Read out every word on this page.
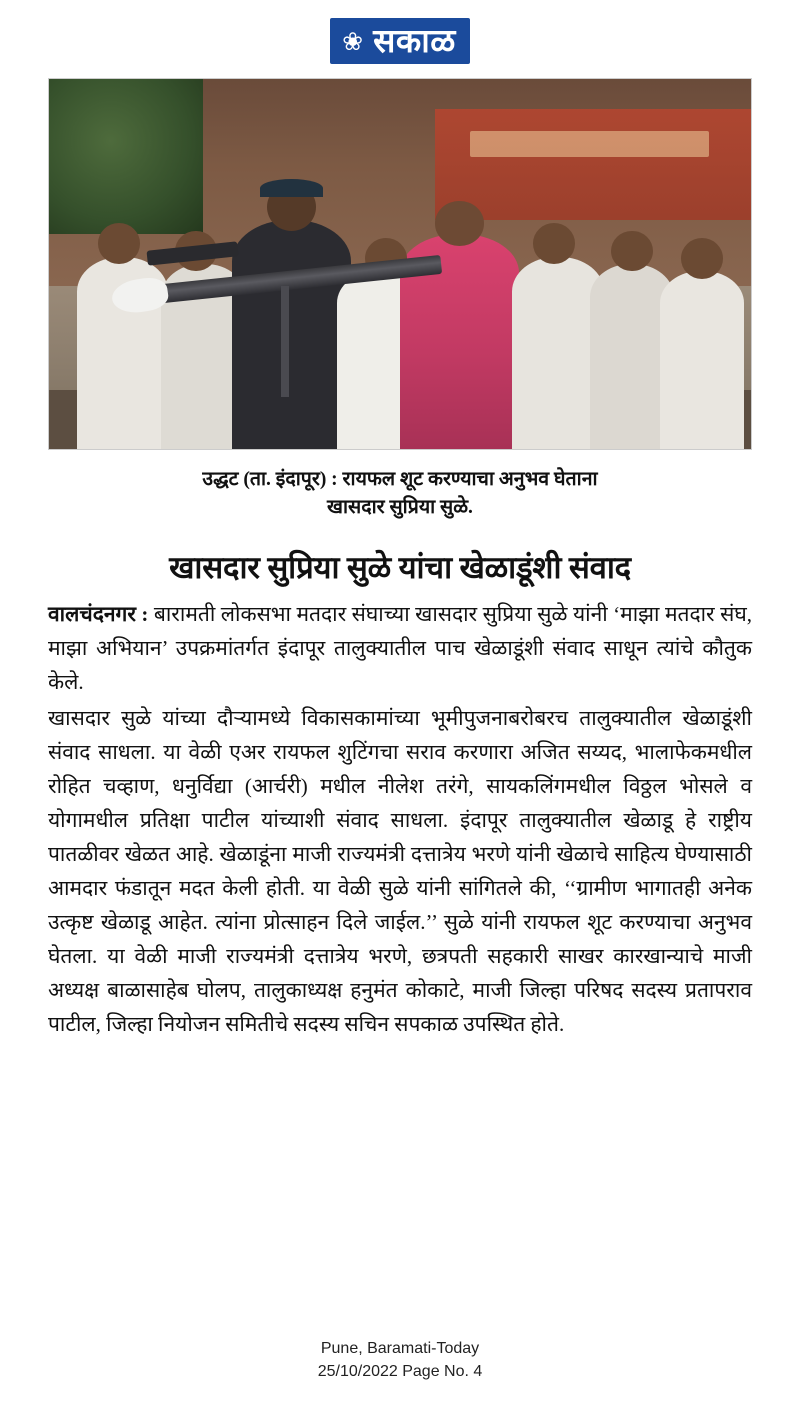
❀ सकाळ
उद्धट (ता. इंदापूर) : रायफल शूट करण्याचा अनुभव घेताना
खासदार सुप्रिया सुळे.
खासदार सुप्रिया सुळे यांचा खेळाडूंशी संवाद

वालचंदनगर : बारामती लोकसभा मतदार संघाच्या खासदार सुप्रिया सुळे यांनी ‘माझा मतदार संघ, माझा अभियान’ उपक्रमांतर्गत इंदापूर तालुक्यातील पाच खेळाडूंशी संवाद साधून त्यांचे कौतुक केले.

खासदार सुळे यांच्या दौऱ्यामध्ये विकासकामांच्या भूमीपुजनाबरोबरच तालुक्यातील खेळाडूंशी संवाद साधला. या वेळी एअर रायफल शुटिंगचा सराव करणारा अजित सय्यद, भालाफेकमधील रोहित चव्हाण, धनुर्विद्या (आर्चरी) मधील नीलेश तरंगे, सायकलिंगमधील विठ्ठल भोसले व योगामधील प्रतिक्षा पाटील यांच्याशी संवाद साधला. इंदापूर तालुक्यातील खेळाडू हे राष्ट्रीय पातळीवर खेळत आहे. खेळाडूंना माजी राज्यमंत्री दत्तात्रेय भरणे यांनी खेळाचे साहित्य घेण्यासाठी आमदार फंडातून मदत केली होती. या वेळी सुळे यांनी सांगितले की, ‘‘ग्रामीण भागातही अनेक उत्कृष्ट खेळाडू आहेत. त्यांना प्रोत्साहन दिले जाईल.’’ सुळे यांनी रायफल शूट करण्याचा अनुभव घेतला. या वेळी माजी राज्यमंत्री दत्तात्रेय भरणे, छत्रपती सहकारी साखर कारखान्याचे माजी अध्यक्ष बाळासाहेब घोलप, तालुकाध्यक्ष हनुमंत कोकाटे, माजी जिल्हा परिषद सदस्य प्रतापराव पाटील, जिल्हा नियोजन समितीचे सदस्य सचिन सपकाळ उपस्थित होते.

Pune, Baramati-Today
25/10/2022 Page No. 4
